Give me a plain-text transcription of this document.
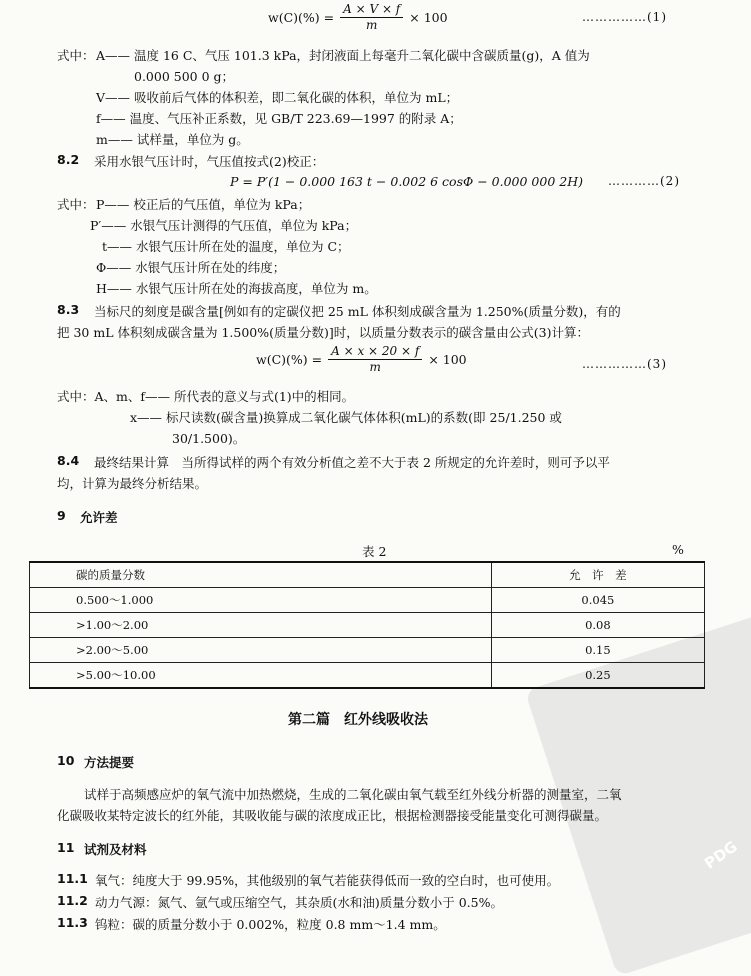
PDG
$w(C)(\%) = \frac{A \times V \times f}{m} \times 100$	……………(1)
式中： A—— 温度 16 C、气压 101.3 kPa，封闭液面上每毫升二氧化碳中含碳质量(g)，A 值为
0.000 500 0 g；
V—— 吸收前后气体的体积差，即二氧化碳的体积，单位为 mL；
f—— 温度、气压补正系数，见 GB/T 223.69—1997 的附录 A；
m—— 试样量，单位为 g。
8.2 采用水银气压计时，气压值按式(2)校正：
P = P′(1 − 0.000 163 t − 0.002 6 cosΦ − 0.000 000 2H) …………(2)
式中： P—— 校正后的气压值，单位为 kPa；
P′—— 水银气压计测得的气压值，单位为 kPa；
t—— 水银气压计所在处的温度，单位为 C；
Φ—— 水银气压计所在处的纬度；
H—— 水银气压计所在处的海拔高度，单位为 m。
8.3 当标尺的刻度是碳含量[例如有的定碳仪把 25 mL 体积刻成碳含量为 1.250%(质量分数)，有的
把 30 mL 体积刻成碳含量为 1.500%(质量分数)]时，以质量分数表示的碳含量由公式(3)计算：
$w(C)(\%) = \frac{A \times x \times 20 \times f}{m} \times 100$	……………(3)
式中：A、m、f—— 所代表的意义与式(1)中的相同。
x—— 标尺读数(碳含量)换算成二氧化碳气体体积(mL)的系数(即 25/1.250 或
30/1.500)。
8.4 最终结果计算　当所得试样的两个有效分析值之差不大于表 2 所规定的允许差时，则可予以平
均，计算为最终分析结果。
9 允许差
表 2	%
碳的质量分数	允　许　差
0.500～1.000	0.045
>1.00～2.00	0.08
>2.00～5.00	0.15
>5.00～10.00	0.25
第二篇　红外线吸收法
10 方法提要
试样于高频感应炉的氧气流中加热燃烧，生成的二氧化碳由氧气载至红外线分析器的测量室，二氧
化碳吸收某特定波长的红外能，其吸收能与碳的浓度成正比，根据检测器接受能量变化可测得碳量。
11 试剂及材料
11.1 氧气：纯度大于 99.95%，其他级别的氧气若能获得低而一致的空白时，也可使用。
11.2 动力气源：氮气、氩气或压缩空气，其杂质(水和油)质量分数小于 0.5%。
11.3 钨粒：碳的质量分数小于 0.002%，粒度 0.8 mm～1.4 mm。
